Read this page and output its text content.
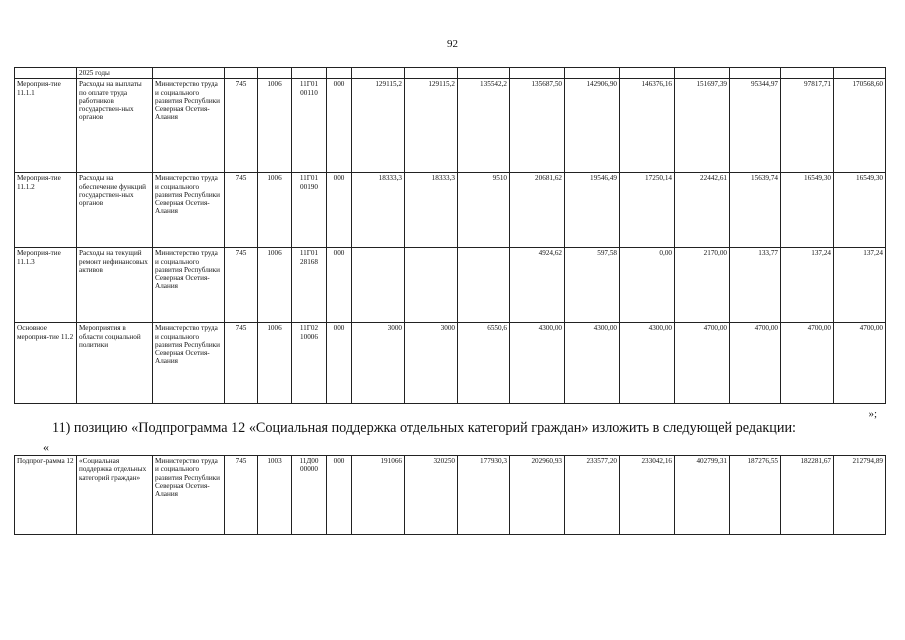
92
	2025 годы															
Мероприя-тие 11.1.1	Расходы на выплаты по оплате труда работников государствен-ных органов	Министерство труда и социального развития Республики Северная Осетия-Алания	745	1006	11Г01 00110	000	129115,2	129115,2	135542,2	135687,50	142906,90	146376,16	151697,39	95344,97	97817,71	170568,60
Мероприя-тие 11.1.2	Расходы на обеспечение функций государствен-ных органов	Министерство труда и социального развития Республики Северная Осетия-Алания	745	1006	11Г01 00190	000	18333,3	18333,3	9510	20681,62	19546,49	17250,14	22442,61	15639,74	16549,30	16549,30
Мероприя-тие 11.1.3	Расходы на текущий ремонт нефинансовых активов	Министерство труда и социального развития Республики Северная Осетия-Алания	745	1006	11Г01 28168	000				4924,62	597,58	0,00	2170,00	133,77	137,24	137,24
Основное мероприя-тие 11.2	Мероприятия в области социальной политики	Министерство труда и социального развития Республики Северная Осетия-Алания	745	1006	11Г02 10006	000	3000	3000	6550,6	4300,00	4300,00	4300,00	4700,00	4700,00	4700,00	4700,00
»;
11) позицию «Подпрограмма 12 «Социальная поддержка отдельных категорий граждан» изложить в следующей редакции:
«
Подпрог-рамма 12	«Социальная поддержка отдельных категорий граждан»	Министерство труда и социального развития Республики Северная Осетия-Алания	745	1003	11Д00 00000	000	191066	320250	177930,3	202960,93	233577,20	233042,16	402799,31	187276,55	182281,67	212794,89
